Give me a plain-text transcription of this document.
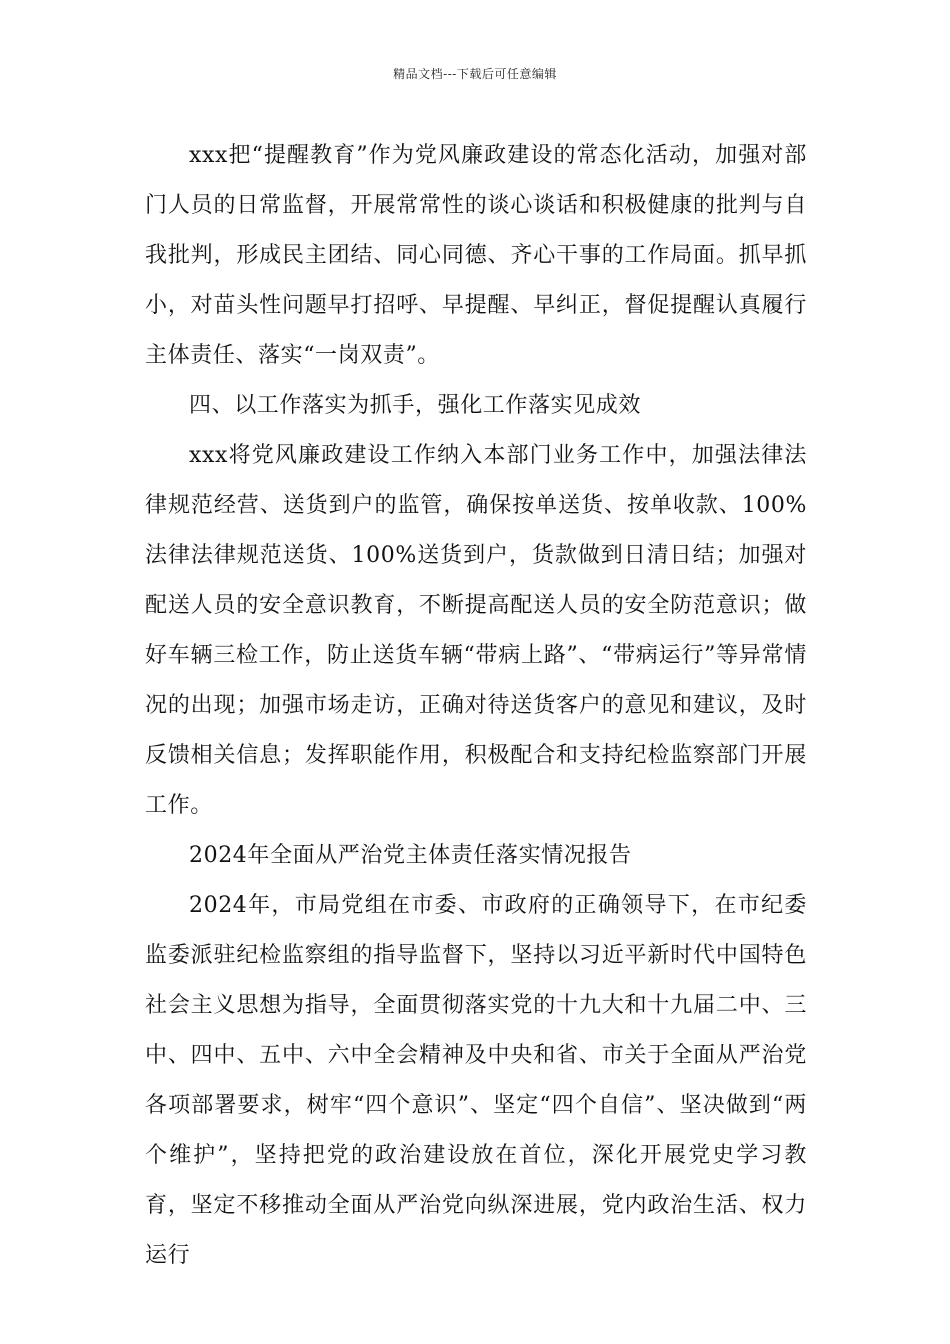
精品文档---下载后可任意编辑

xxx把“提醒教育”作为党风廉政建设的常态化活动，加强对部门人员的日常监督，开展常常性的谈心谈话和积极健康的批判与自我批判，形成民主团结、同心同德、齐心干事的工作局面。抓早抓小，对苗头性问题早打招呼、早提醒、早纠正，督促提醒认真履行主体责任、落实“一岗双责”。

四、以工作落实为抓手，强化工作落实见成效

xxx将党风廉政建设工作纳入本部门业务工作中，加强法律法律规范经营、送货到户的监管，确保按单送货、按单收款、100%法律法律规范送货、100%送货到户，货款做到日清日结；加强对配送人员的安全意识教育，不断提高配送人员的安全防范意识；做好车辆三检工作，防止送货车辆“带病上路”、“带病运行”等异常情况的出现；加强市场走访，正确对待送货客户的意见和建议，及时反馈相关信息；发挥职能作用，积极配合和支持纪检监察部门开展工作。

2024年全面从严治党主体责任落实情况报告

2024年，市局党组在市委、市政府的正确领导下，在市纪委监委派驻纪检监察组的指导监督下，坚持以习近平新时代中国特色社会主义思想为指导，全面贯彻落实党的十九大和十九届二中、三中、四中、五中、六中全会精神及中央和省、市关于全面从严治党各项部署要求，树牢“四个意识”、坚定“四个自信”、坚决做到“两个维护”，坚持把党的政治建设放在首位，深化开展党史学习教育，坚定不移推动全面从严治党向纵深进展，党内政治生活、权力运行
